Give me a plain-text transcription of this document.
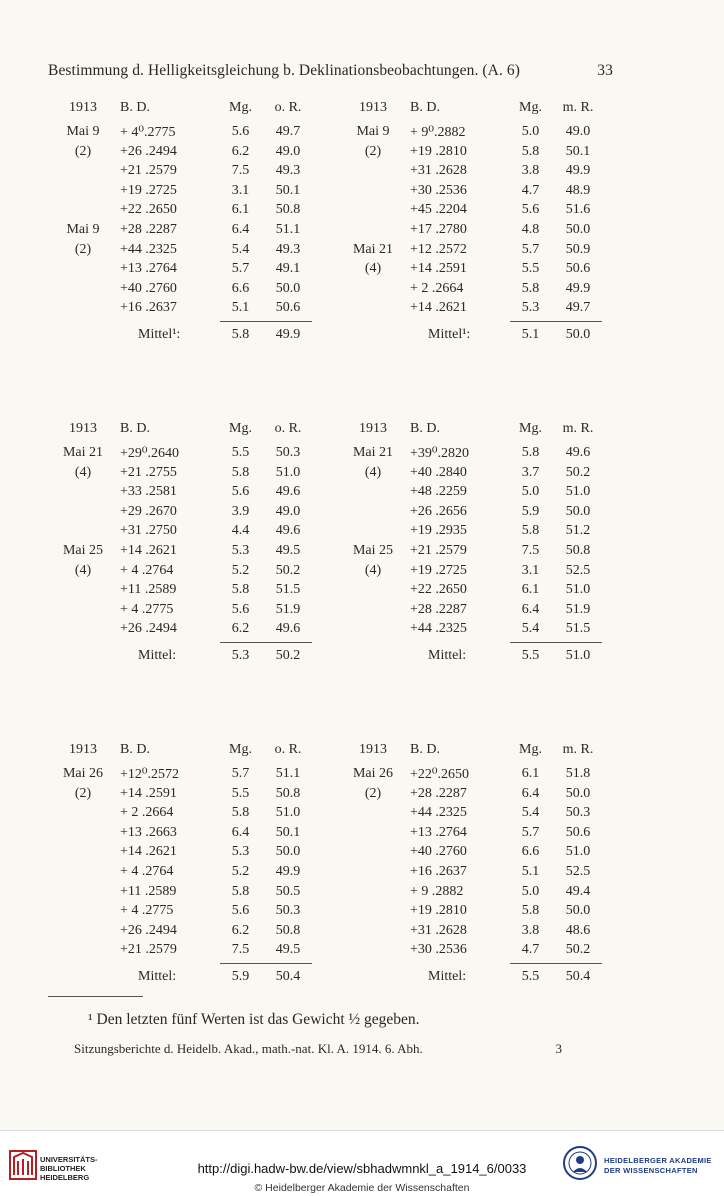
Bestimmung d. Helligkeitsgleichung b. Deklinationsbeobachtungen. (A. 6)	33
1913	B. D.	Mg.	o. R.
Mai 9	+ 4⁰.2775	5.6	49.7
(2)	+26 .2494	6.2	49.0
+21 .2579	7.5	49.3
+19 .2725	3.1	50.1
+22 .2650	6.1	50.8
Mai 9	+28 .2287	6.4	51.1
(2)	+44 .2325	5.4	49.3
+13 .2764	5.7	49.1
+40 .2760	6.6	50.0
+16 .2637	5.1	50.6
Mittel¹:	5.8	49.9
1913	B. D.	Mg.	m. R.
Mai 9	+ 9⁰.2882	5.0	49.0
(2)	+19 .2810	5.8	50.1
+31 .2628	3.8	49.9
+30 .2536	4.7	48.9
+45 .2204	5.6	51.6
+17 .2780	4.8	50.0
Mai 21	+12 .2572	5.7	50.9
(4)	+14 .2591	5.5	50.6
+ 2 .2664	5.8	49.9
+14 .2621	5.3	49.7
Mittel¹:	5.1	50.0
1913	B. D.	Mg.	o. R.
Mai 21	+29⁰.2640	5.5	50.3
(4)	+21 .2755	5.8	51.0
+33 .2581	5.6	49.6
+29 .2670	3.9	49.0
+31 .2750	4.4	49.6
Mai 25	+14 .2621	5.3	49.5
(4)	+ 4 .2764	5.2	50.2
+11 .2589	5.8	51.5
+ 4 .2775	5.6	51.9
+26 .2494	6.2	49.6
Mittel:	5.3	50.2
1913	B. D.	Mg.	m. R.
Mai 21	+39⁰.2820	5.8	49.6
(4)	+40 .2840	3.7	50.2
+48 .2259	5.0	51.0
+26 .2656	5.9	50.0
+19 .2935	5.8	51.2
Mai 25	+21 .2579	7.5	50.8
(4)	+19 .2725	3.1	52.5
+22 .2650	6.1	51.0
+28 .2287	6.4	51.9
+44 .2325	5.4	51.5
Mittel:	5.5	51.0
1913	B. D.	Mg.	o. R.
Mai 26	+12⁰.2572	5.7	51.1
(2)	+14 .2591	5.5	50.8
+ 2 .2664	5.8	51.0
+13 .2663	6.4	50.1
+14 .2621	5.3	50.0
+ 4 .2764	5.2	49.9
+11 .2589	5.8	50.5
+ 4 .2775	5.6	50.3
+26 .2494	6.2	50.8
+21 .2579	7.5	49.5
Mittel:	5.9	50.4
1913	B. D.	Mg.	m. R.
Mai 26	+22⁰.2650	6.1	51.8
(2)	+28 .2287	6.4	50.0
+44 .2325	5.4	50.3
+13 .2764	5.7	50.6
+40 .2760	6.6	51.0
+16 .2637	5.1	52.5
+ 9 .2882	5.0	49.4
+19 .2810	5.8	50.0
+31 .2628	3.8	48.6
+30 .2536	4.7	50.2
Mittel:	5.5	50.4
¹ Den letzten fünf Werten ist das Gewicht ½ gegeben.
Sitzungsberichte d. Heidelb. Akad., math.-nat. Kl. A. 1914. 6. Abh.	3
UNIVERSITÄTS-
BIBLIOTHEK
HEIDELBERG
http://digi.hadw-bw.de/view/sbhadwmnkl_a_1914_6/0033
© Heidelberger Akademie der Wissenschaften
HEIDELBERGER AKADEMIE
DER WISSENSCHAFTEN
